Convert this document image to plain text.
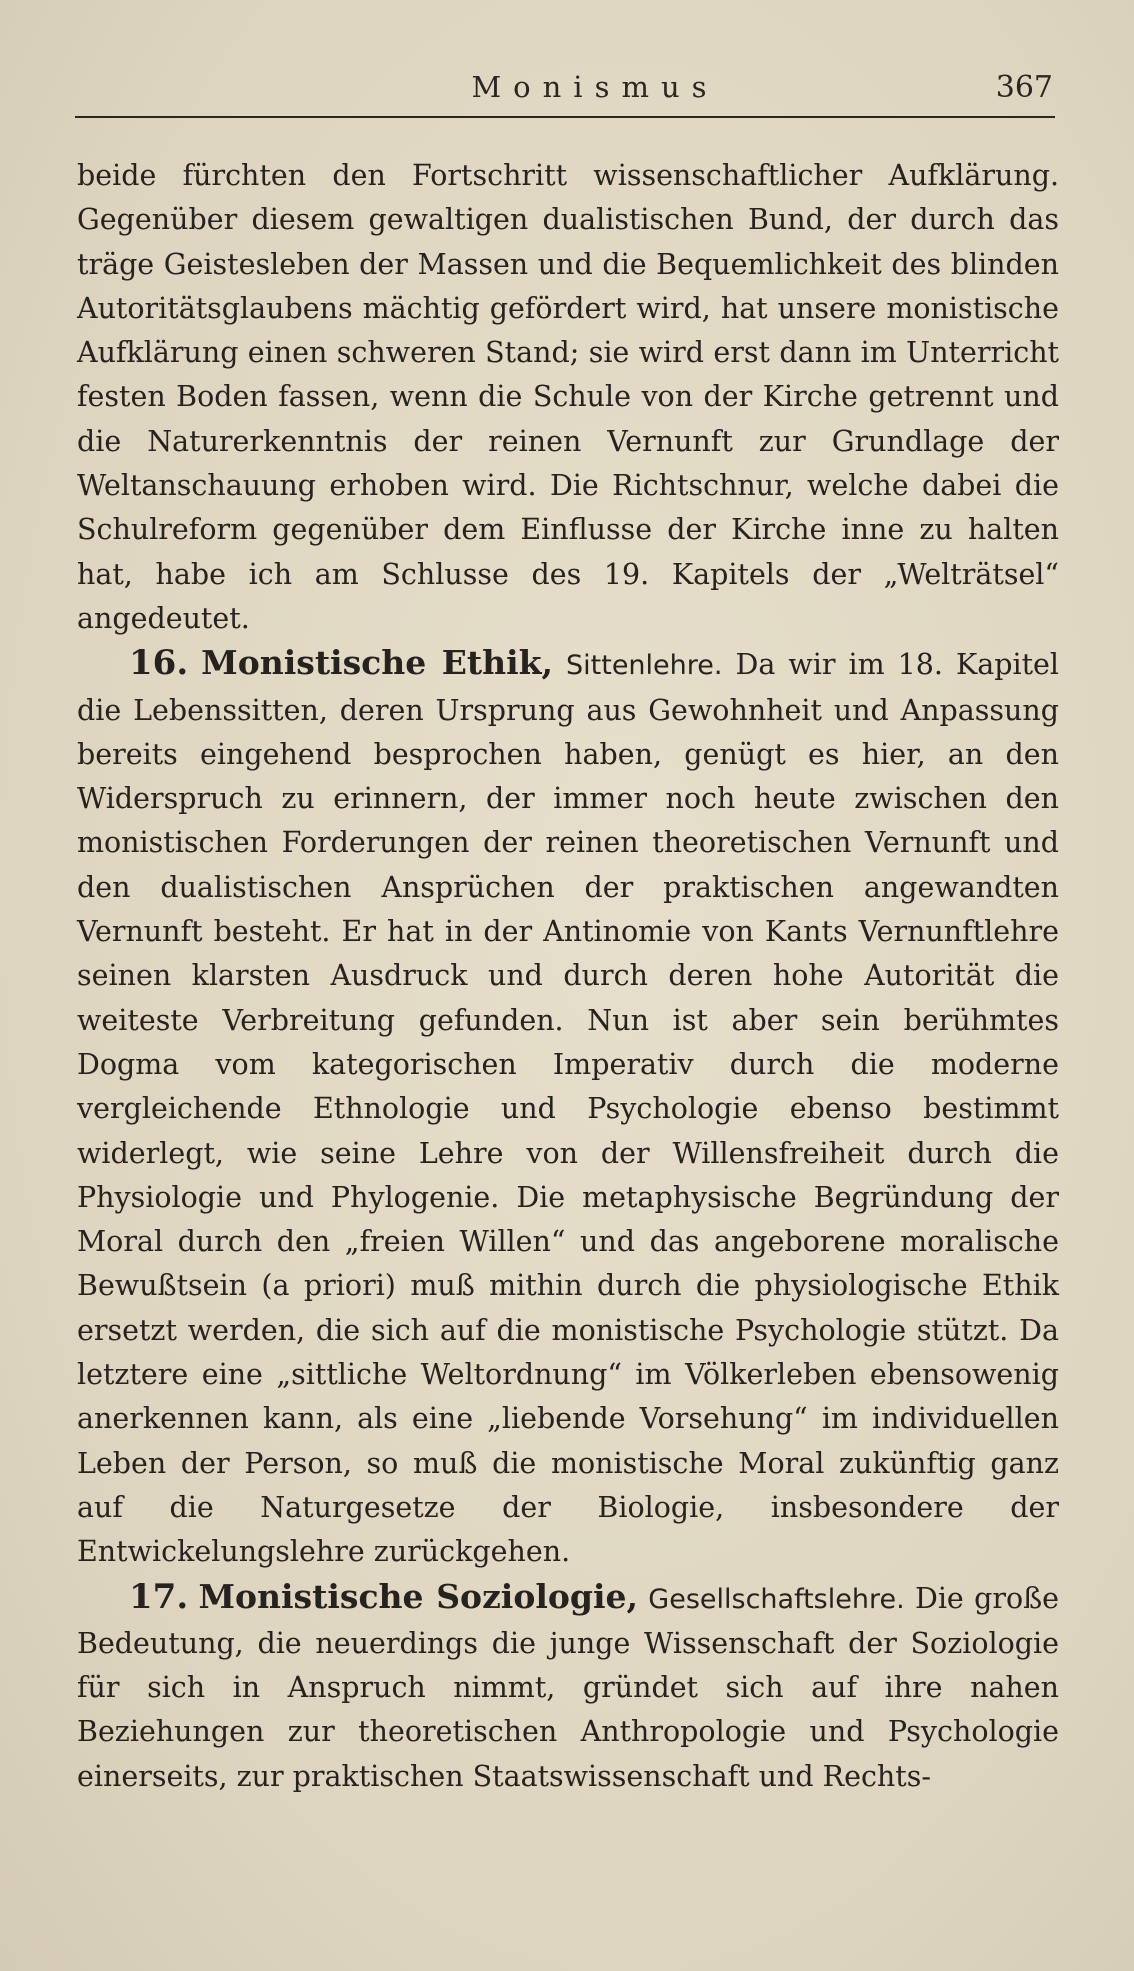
Monismus	367

beide fürchten den Fortschritt wissenschaftlicher Aufklärung. Gegenüber diesem gewaltigen dualistischen Bund, der durch das träge Geistesleben der Massen und die Bequemlichkeit des blinden Autoritätsglaubens mächtig gefördert wird, hat unsere monistische Aufklärung einen schweren Stand; sie wird erst dann im Unterricht festen Boden fassen, wenn die Schule von der Kirche getrennt und die Naturerkenntnis der reinen Vernunft zur Grundlage der Weltanschauung erhoben wird. Die Richtschnur, welche dabei die Schulreform gegenüber dem Einflusse der Kirche inne zu halten hat, habe ich am Schlusse des 19. Kapitels der „Welträtsel“ angedeutet.

16. Monistische Ethik, Sittenlehre. Da wir im 18. Kapitel die Lebenssitten, deren Ursprung aus Gewohnheit und Anpassung bereits eingehend besprochen haben, genügt es hier, an den Widerspruch zu erinnern, der immer noch heute zwischen den monistischen Forderungen der reinen theoretischen Vernunft und den dualistischen Ansprüchen der praktischen angewandten Vernunft besteht. Er hat in der Antinomie von Kants Vernunftlehre seinen klarsten Ausdruck und durch deren hohe Autorität die weiteste Verbreitung gefunden. Nun ist aber sein berühmtes Dogma vom kategorischen Imperativ durch die moderne vergleichende Ethnologie und Psychologie ebenso bestimmt widerlegt, wie seine Lehre von der Willensfreiheit durch die Physiologie und Phylogenie. Die metaphysische Begründung der Moral durch den „freien Willen“ und das angeborene moralische Bewußtsein (a priori) muß mithin durch die physiologische Ethik ersetzt werden, die sich auf die monistische Psychologie stützt. Da letztere eine „sittliche Weltordnung“ im Völkerleben ebensowenig anerkennen kann, als eine „liebende Vorsehung“ im individuellen Leben der Person, so muß die monistische Moral zukünftig ganz auf die Naturgesetze der Biologie, insbesondere der Entwickelungslehre zurückgehen.

17. Monistische Soziologie, Gesellschaftslehre. Die große Bedeutung, die neuerdings die junge Wissenschaft der Soziologie für sich in Anspruch nimmt, gründet sich auf ihre nahen Beziehungen zur theoretischen Anthropologie und Psychologie einerseits, zur praktischen Staatswissenschaft und Rechts-
